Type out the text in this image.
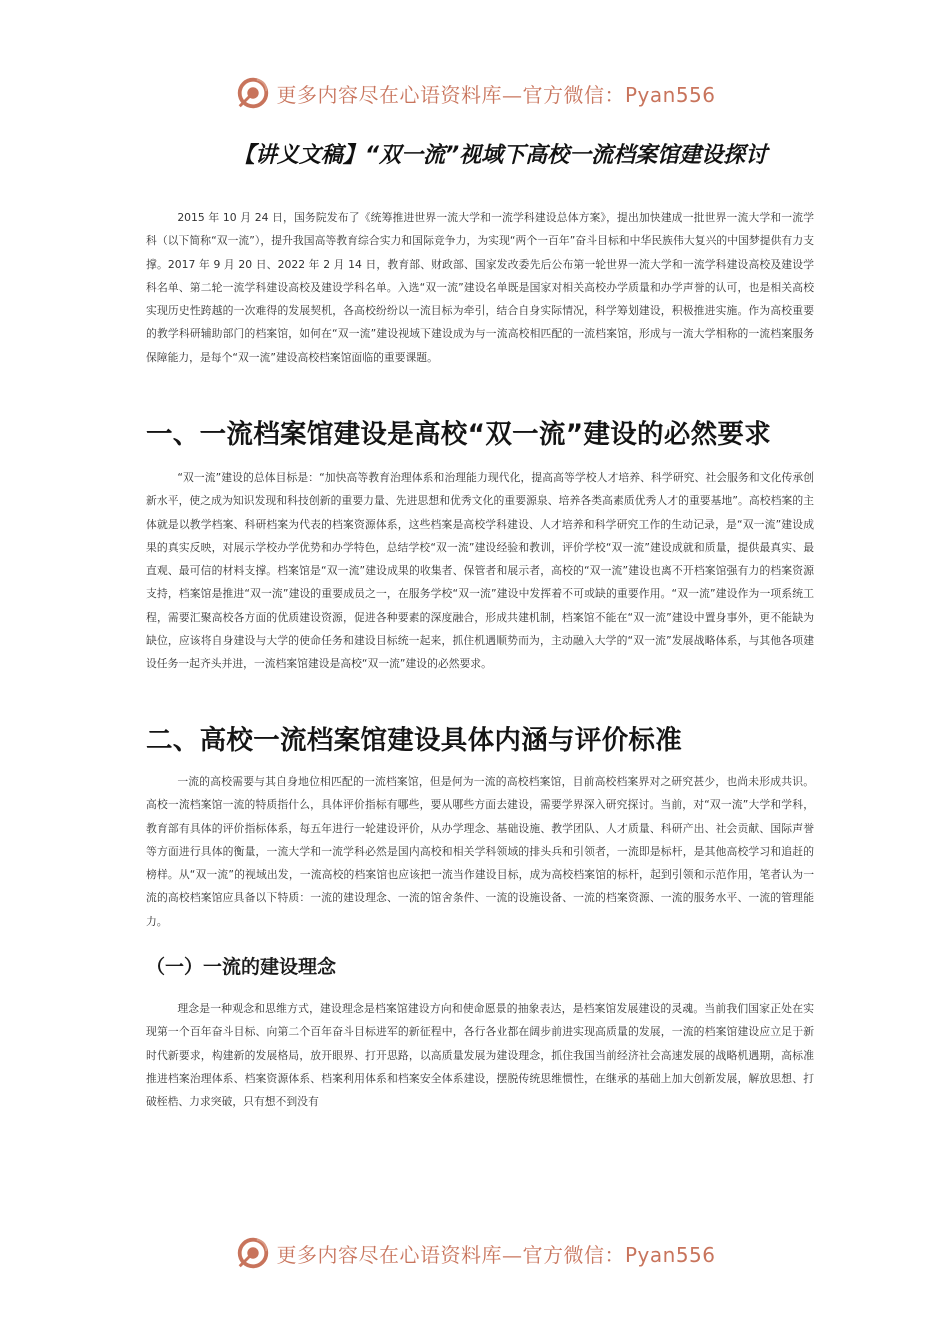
更多内容尽在心语资料库—官方微信：Pyan556
【讲义文稿】“双一流”视域下高校一流档案馆建设探讨

2015 年 10 月 24 日，国务院发布了《统筹推进世界一流大学和一流学科建设总体方案》，提出加快建成一批世界一流大学和一流学科（以下简称“双一流”），提升我国高等教育综合实力和国际竞争力，为实现“两个一百年”奋斗目标和中华民族伟大复兴的中国梦提供有力支撑。2017 年 9 月 20 日、2022 年 2 月 14 日，教育部、财政部、国家发改委先后公布第一轮世界一流大学和一流学科建设高校及建设学科名单、第二轮一流学科建设高校及建设学科名单。入选“双一流”建设名单既是国家对相关高校办学质量和办学声誉的认可，也是相关高校实现历史性跨越的一次难得的发展契机，各高校纷纷以一流目标为牵引，结合自身实际情况，科学筹划建设，积极推进实施。作为高校重要的教学科研辅助部门的档案馆，如何在“双一流”建设视域下建设成为与一流高校相匹配的一流档案馆，形成与一流大学相称的一流档案服务保障能力，是每个“双一流”建设高校档案馆面临的重要课题。

一、一流档案馆建设是高校“双一流”建设的必然要求

“双一流”建设的总体目标是：“加快高等教育治理体系和治理能力现代化，提高高等学校人才培养、科学研究、社会服务和文化传承创新水平，使之成为知识发现和科技创新的重要力量、先进思想和优秀文化的重要源泉、培养各类高素质优秀人才的重要基地”。高校档案的主体就是以教学档案、科研档案为代表的档案资源体系，这些档案是高校学科建设、人才培养和科学研究工作的生动记录，是“双一流”建设成果的真实反映，对展示学校办学优势和办学特色，总结学校“双一流”建设经验和教训，评价学校“双一流”建设成就和质量，提供最真实、最直观、最可信的材料支撑。档案馆是“双一流”建设成果的收集者、保管者和展示者，高校的“双一流”建设也离不开档案馆强有力的档案资源支持，档案馆是推进“双一流”建设的重要成员之一，在服务学校“双一流”建设中发挥着不可或缺的重要作用。“双一流”建设作为一项系统工程，需要汇聚高校各方面的优质建设资源，促进各种要素的深度融合，形成共建机制，档案馆不能在“双一流”建设中置身事外，更不能缺为缺位，应该将自身建设与大学的使命任务和建设目标统一起来，抓住机遇顺势而为，主动融入大学的“双一流”发展战略体系，与其他各项建设任务一起齐头并进，一流档案馆建设是高校“双一流”建设的必然要求。

二、高校一流档案馆建设具体内涵与评价标准

一流的高校需要与其自身地位相匹配的一流档案馆，但是何为一流的高校档案馆，目前高校档案界对之研究甚少，也尚未形成共识。高校一流档案馆一流的特质指什么，具体评价指标有哪些，要从哪些方面去建设，需要学界深入研究探讨。当前，对“双一流”大学和学科，教育部有具体的评价指标体系，每五年进行一轮建设评价，从办学理念、基础设施、教学团队、人才质量、科研产出、社会贡献、国际声誉等方面进行具体的衡量，一流大学和一流学科必然是国内高校和相关学科领域的排头兵和引领者，一流即是标杆，是其他高校学习和追赶的榜样。从“双一流”的视域出发，一流高校的档案馆也应该把一流当作建设目标，成为高校档案馆的标杆，起到引领和示范作用，笔者认为一流的高校档案馆应具备以下特质：一流的建设理念、一流的馆舍条件、一流的设施设备、一流的档案资源、一流的服务水平、一流的管理能力。

（一）一流的建设理念

理念是一种观念和思维方式，建设理念是档案馆建设方向和使命愿景的抽象表达，是档案馆发展建设的灵魂。当前我们国家正处在实现第一个百年奋斗目标、向第二个百年奋斗目标进军的新征程中，各行各业都在阔步前进实现高质量的发展，一流的档案馆建设应立足于新时代新要求，构建新的发展格局，放开眼界、打开思路，以高质量发展为建设理念，抓住我国当前经济社会高速发展的战略机遇期，高标准推进档案治理体系、档案资源体系、档案利用体系和档案安全体系建设，摆脱传统思维惯性，在继承的基础上加大创新发展，解放思想、打破桎梏、力求突破，只有想不到没有

更多内容尽在心语资料库—官方微信：Pyan556
